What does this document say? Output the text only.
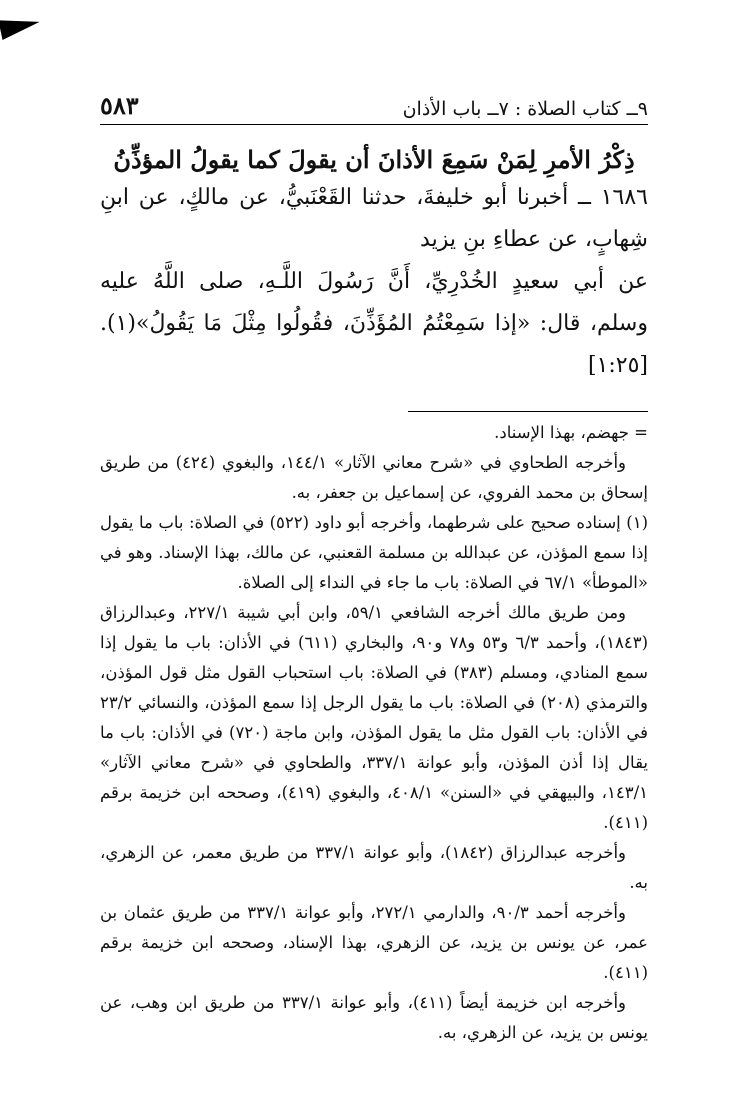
٩ــ كتاب الصلاة : ٧ــ باب الأذان
٥٨٣
ذِكْرُ الأمرِ لِمَنْ سَمِعَ الأذانَ أن يقولَ كما يقولُ المؤذِّنُ

١٦٨٦ ــ أخبرنا أبو خليفةَ، حدثنا القَعْنَبيُّ، عن مالكٍ، عن ابنِ شِهابٍ، عن عطاءِ بنِ يزيد

عن أبي سعيدٍ الخُدْرِيِّ، أَنَّ رَسُولَ اللَّـهِ، صلى اللَّهُ عليه وسلم، قال: «إذا سَمِعْتُمُ المُؤَذِّنَ، فقُولُوا مِثْلَ مَا يَقُولُ»(١). [١:٢٥]

= جهضم، بهذا الإسناد.

وأخرجه الطحاوي في «شرح معاني الآثار» ١٤٤/١، والبغوي (٤٢٤) من طريق إسحاق بن محمد الفروي، عن إسماعيل بن جعفر، به.

(١) إسناده صحيح على شرطهما، وأخرجه أبو داود (٥٢٢) في الصلاة: باب ما يقول إذا سمع المؤذن، عن عبدالله بن مسلمة القعنبي، عن مالك، بهذا الإسناد. وهو في «الموطأ» ٦٧/١ في الصلاة: باب ما جاء في النداء إلى الصلاة.

ومن طريق مالك أخرجه الشافعي ٥٩/١، وابن أبي شيبة ٢٢٧/١، وعبدالرزاق (١٨٤٣)، وأحمد ٦/٣ و٥٣ و٧٨ و٩٠، والبخاري (٦١١) في الأذان: باب ما يقول إذا سمع المنادي، ومسلم (٣٨٣) في الصلاة: باب استحباب القول مثل قول المؤذن، والترمذي (٢٠٨) في الصلاة: باب ما يقول الرجل إذا سمع المؤذن، والنسائي ٢٣/٢ في الأذان: باب القول مثل ما يقول المؤذن، وابن ماجة (٧٢٠) في الأذان: باب ما يقال إذا أذن المؤذن، وأبو عوانة ٣٣٧/١، والطحاوي في «شرح معاني الآثار» ١٤٣/١، والبيهقي في «السنن» ٤٠٨/١، والبغوي (٤١٩)، وصححه ابن خزيمة برقم (٤١١).

وأخرجه عبدالرزاق (١٨٤٢)، وأبو عوانة ٣٣٧/١ من طريق معمر، عن الزهري، به.

وأخرجه أحمد ٩٠/٣، والدارمي ٢٧٢/١، وأبو عوانة ٣٣٧/١ من طريق عثمان بن عمر، عن يونس بن يزيد، عن الزهري، بهذا الإسناد، وصححه ابن خزيمة برقم (٤١١).

وأخرجه ابن خزيمة أيضاً (٤١١)، وأبو عوانة ٣٣٧/١ من طريق ابن وهب، عن يونس بن يزيد، عن الزهري، به.
